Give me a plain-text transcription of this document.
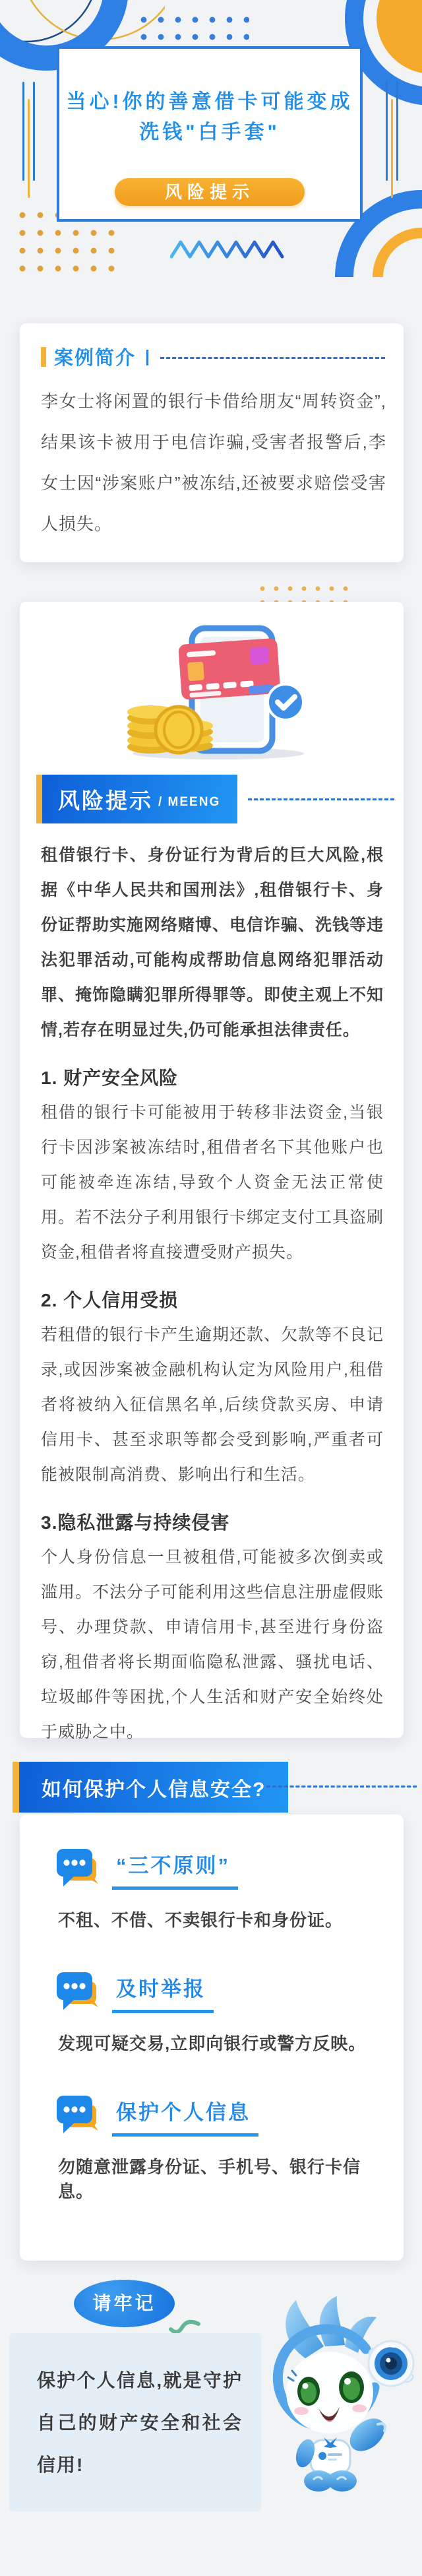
当心!你的善意借卡可能变成
洗钱"白手套"
风险提示
案例简介 |
李女士将闲置的银行卡借给朋友“周转资金”,结果该卡被用于电信诈骗,受害者报警后,李女士因“涉案账户”被冻结,还被要求赔偿受害人损失。
风险提示 / MEENG
租借银行卡、身份证行为背后的巨大风险,根据《中华人民共和国刑法》,租借银行卡、身份证帮助实施网络赌博、电信诈骗、洗钱等违法犯罪活动,可能构成帮助信息网络犯罪活动罪、掩饰隐瞒犯罪所得罪等。即使主观上不知情,若存在明显过失,仍可能承担法律责任。
1. 财产安全风险
租借的银行卡可能被用于转移非法资金,当银行卡因涉案被冻结时,租借者名下其他账户也可能被牵连冻结,导致个人资金无法正常使用。若不法分子利用银行卡绑定支付工具盗刷资金,租借者将直接遭受财产损失。
2. 个人信用受损
若租借的银行卡产生逾期还款、欠款等不良记录,或因涉案被金融机构认定为风险用户,租借者将被纳入征信黑名单,后续贷款买房、申请信用卡、甚至求职等都会受到影响,严重者可能被限制高消费、影响出行和生活。
3.隐私泄露与持续侵害
个人身份信息一旦被租借,可能被多次倒卖或滥用。不法分子可能利用这些信息注册虚假账号、办理贷款、申请信用卡,甚至进行身份盗窃,租借者将长期面临隐私泄露、骚扰电话、垃圾邮件等困扰,个人生活和财产安全始终处于威胁之中。
如何保护个人信息安全?
“三不原则”
不租、不借、不卖银行卡和身份证。
及时举报
发现可疑交易,立即向银行或警方反映。
保护个人信息
勿随意泄露身份证、手机号、银行卡信息。
请牢记
保护个人信息,就是守护自己的财产安全和社会信用!
